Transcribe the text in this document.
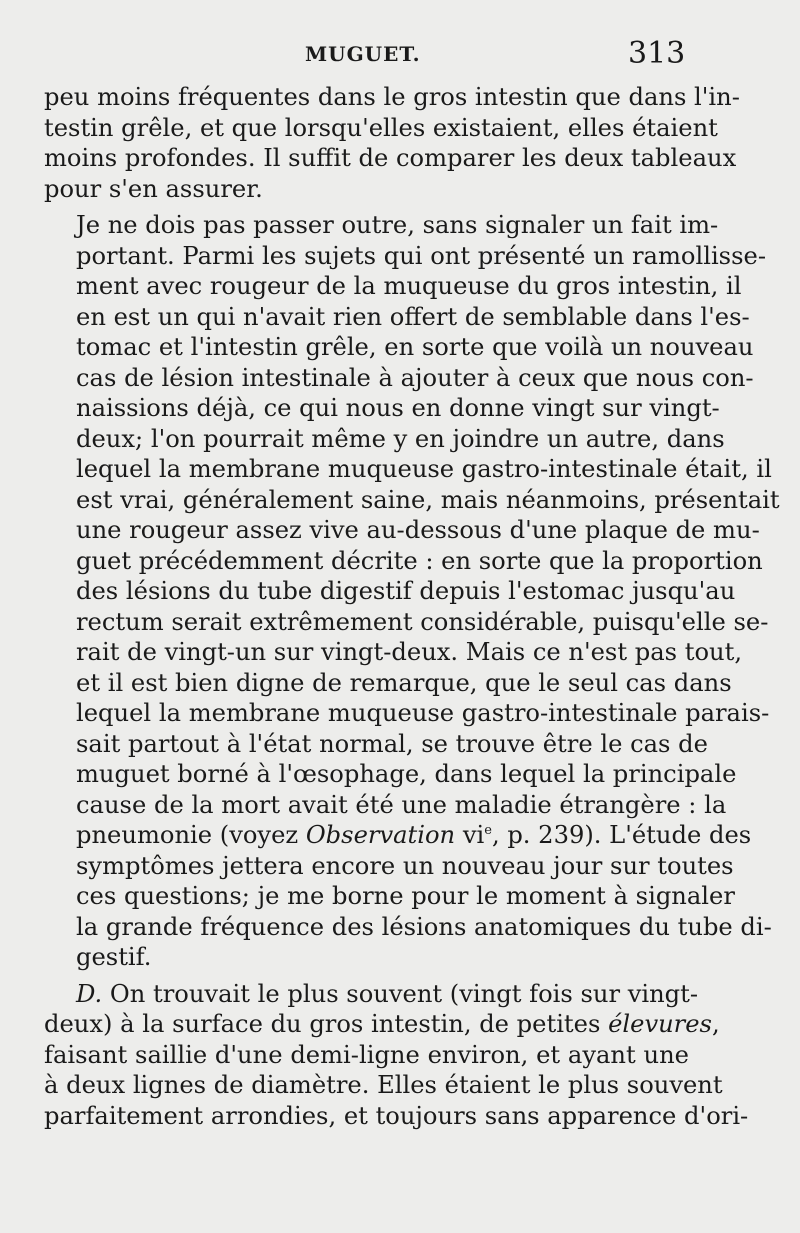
MUGUET.	313

peu moins fréquentes dans le gros intestin que dans l'in-
testin grêle, et que lorsqu'elles existaient, elles étaient
moins profondes. Il suffit de comparer les deux tableaux
pour s'en assurer.

Je ne dois pas passer outre, sans signaler un fait im-
portant. Parmi les sujets qui ont présenté un ramollisse-
ment avec rougeur de la muqueuse du gros intestin, il
en est un qui n'avait rien offert de semblable dans l'es-
tomac et l'intestin grêle, en sorte que voilà un nouveau
cas de lésion intestinale à ajouter à ceux que nous con-
naissions déjà, ce qui nous en donne vingt sur vingt-
deux; l'on pourrait même y en joindre un autre, dans
lequel la membrane muqueuse gastro-intestinale était, il
est vrai, généralement saine, mais néanmoins, présentait
une rougeur assez vive au-dessous d'une plaque de mu-
guet précédemment décrite : en sorte que la proportion
des lésions du tube digestif depuis l'estomac jusqu'au
rectum serait extrêmement considérable, puisqu'elle se-
rait de vingt-un sur vingt-deux. Mais ce n'est pas tout,
et il est bien digne de remarque, que le seul cas dans
lequel la membrane muqueuse gastro-intestinale parais-
sait partout à l'état normal, se trouve être le cas de
muguet borné à l'œsophage, dans lequel la principale
cause de la mort avait été une maladie étrangère : la
pneumonie (voyez Observation $vi^e$, p. 239). L'étude des
symptômes jettera encore un nouveau jour sur toutes
ces questions; je me borne pour le moment à signaler
la grande fréquence des lésions anatomiques du tube di-
gestif.

D. On trouvait le plus souvent (vingt fois sur vingt-
deux) à la surface du gros intestin, de petites élevures,
faisant saillie d'une demi-ligne environ, et ayant une
à deux lignes de diamètre. Elles étaient le plus souvent
parfaitement arrondies, et toujours sans apparence d'ori-
